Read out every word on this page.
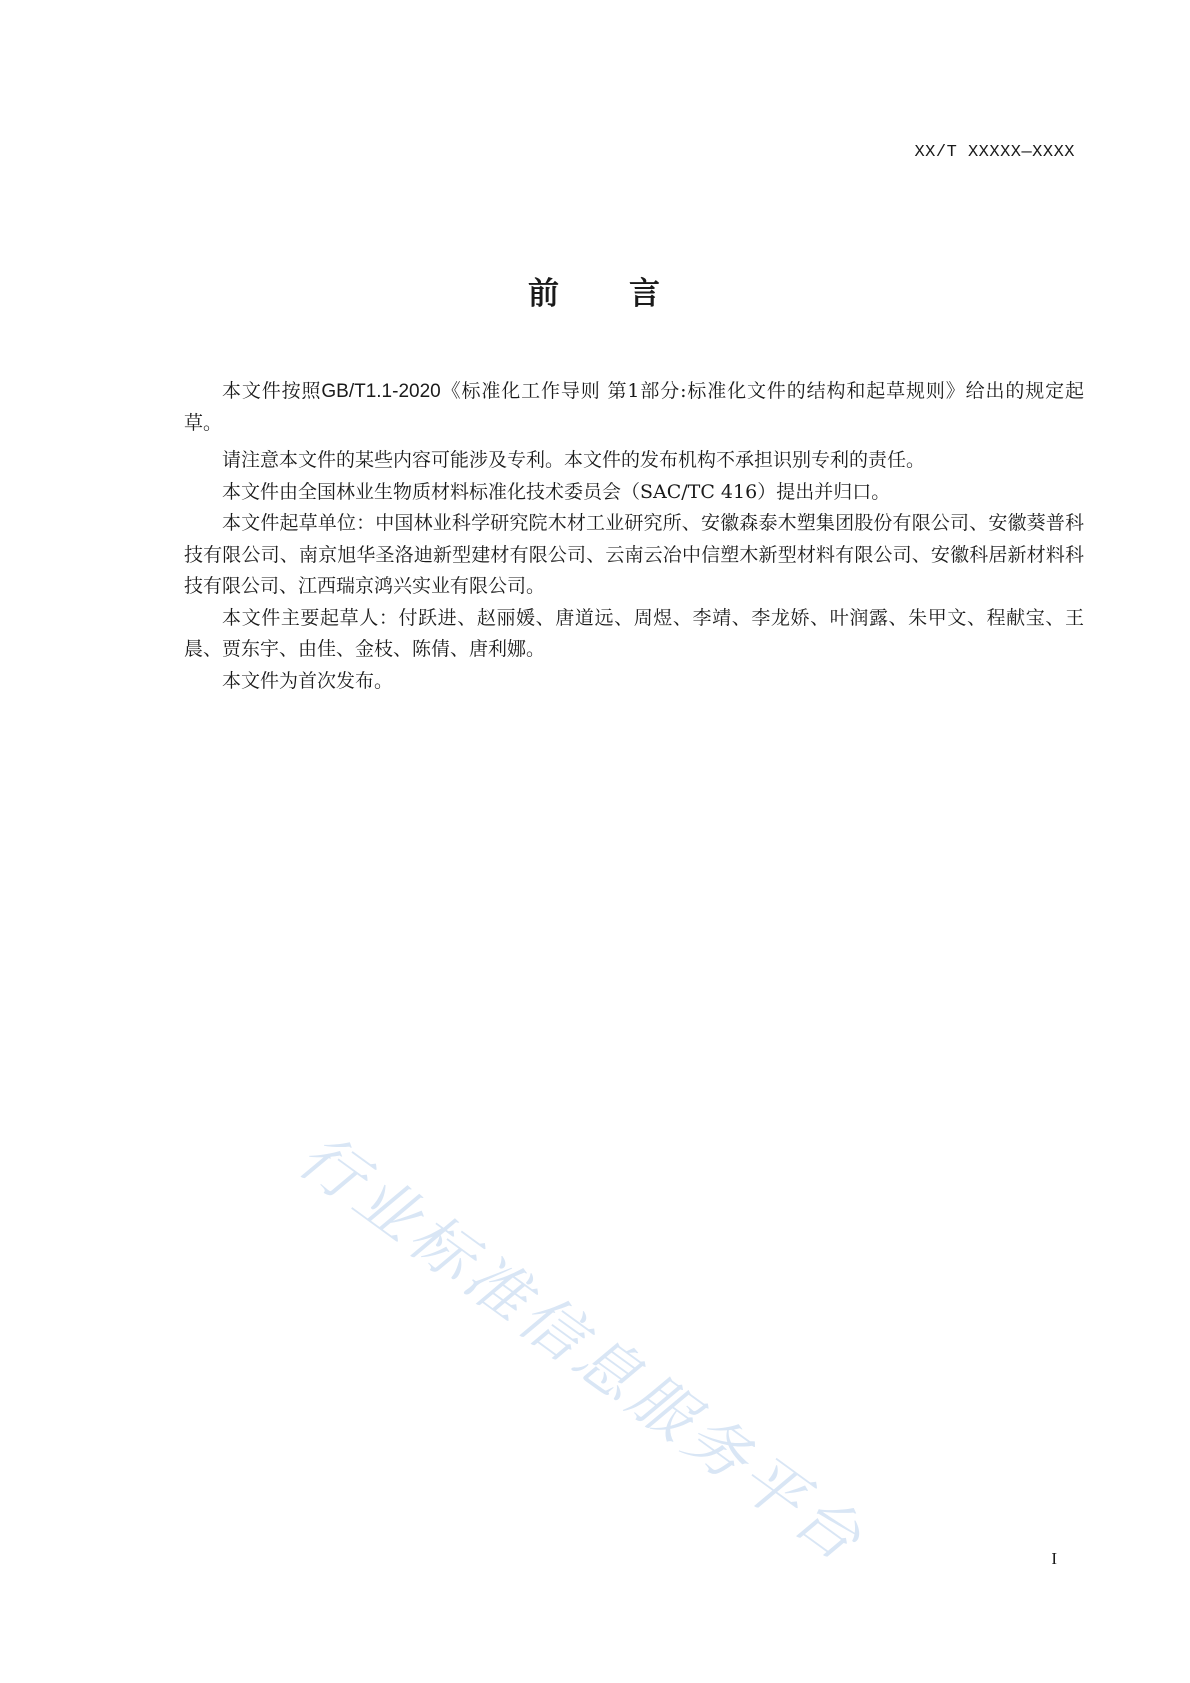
XX/T XXXXX—XXXX
前 言

本文件按照GB/T1.1-2020《标准化工作导则 第1部分:标准化文件的结构和起草规则》给出的规定起草。

请注意本文件的某些内容可能涉及专利。本文件的发布机构不承担识别专利的责任。

本文件由全国林业生物质材料标准化技术委员会（SAC/TC 416）提出并归口。

本文件起草单位：中国林业科学研究院木材工业研究所、安徽森泰木塑集团股份有限公司、安徽葵普科技有限公司、南京旭华圣洛迪新型建材有限公司、云南云冶中信塑木新型材料有限公司、安徽科居新材料科技有限公司、江西瑞京鸿兴实业有限公司。

本文件主要起草人：付跃进、赵丽媛、唐道远、周煜、李靖、李龙娇、叶润露、朱甲文、程献宝、王晨、贾东宇、由佳、金枝、陈倩、唐利娜。

本文件为首次发布。

行业标准信息服务平台	I
